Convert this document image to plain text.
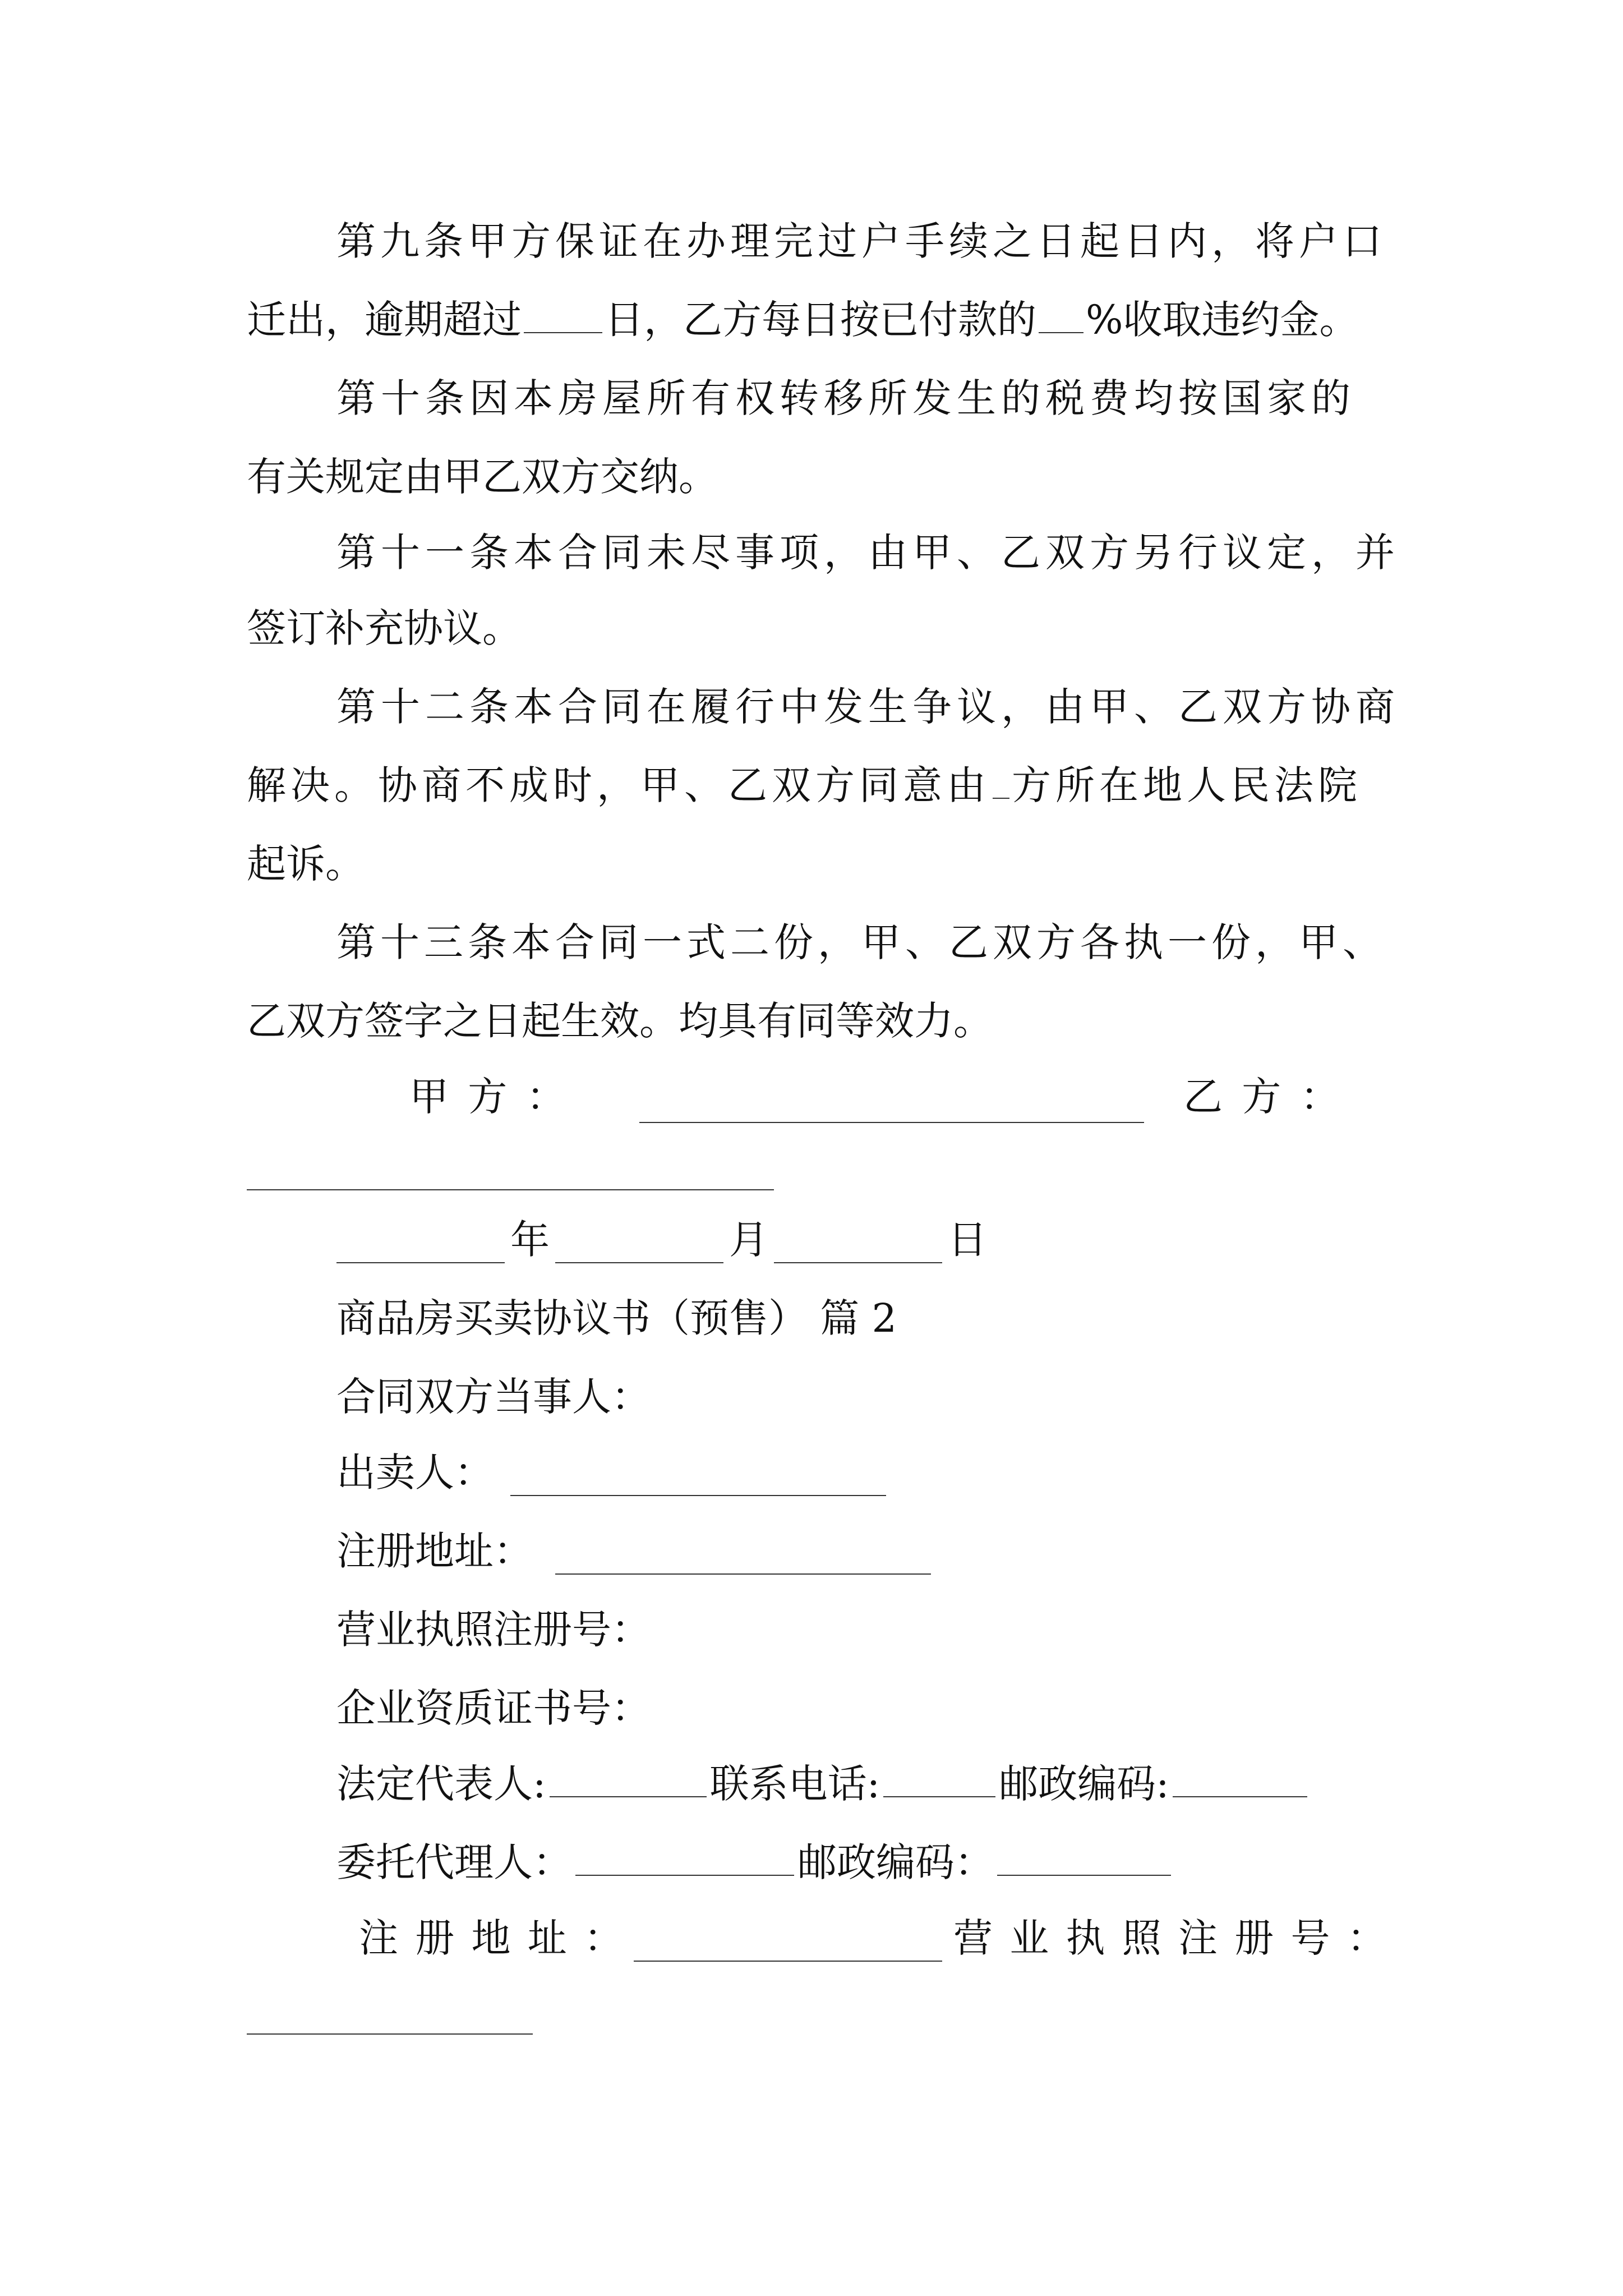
第九条甲方保证在办理完过户手续之日起日内，将户口
迁出，逾期超过 日，乙方每日按已付款的 %收取违约金。
第十条因本房屋所有权转移所发生的税费均按国家的
有关规定由甲乙双方交纳。
第十一条本合同未尽事项，由甲、乙双方另行议定，并
签订补充协议。
第十二条本合同在履行中发生争议，由甲、乙双方协商
解决。协商不成时，甲、乙双方同意由 方所在地人民法院
起诉。
第十三条本合同一式二份，甲、乙双方各执一份，甲、
乙双方签字之日起生效。均具有同等效力。
甲 方 ：	乙 方 ：
年	月	日
商品房买卖协议书（预售） 篇 2
合同双方当事人：
出卖人：
注册地址：
营业执照注册号：
企业资质证书号：
法定代表人:	联系电话:	邮政编码:
委托代理人：	邮政编码：
注 册 地 址 ：	营 业 执 照 注 册 号 ：
